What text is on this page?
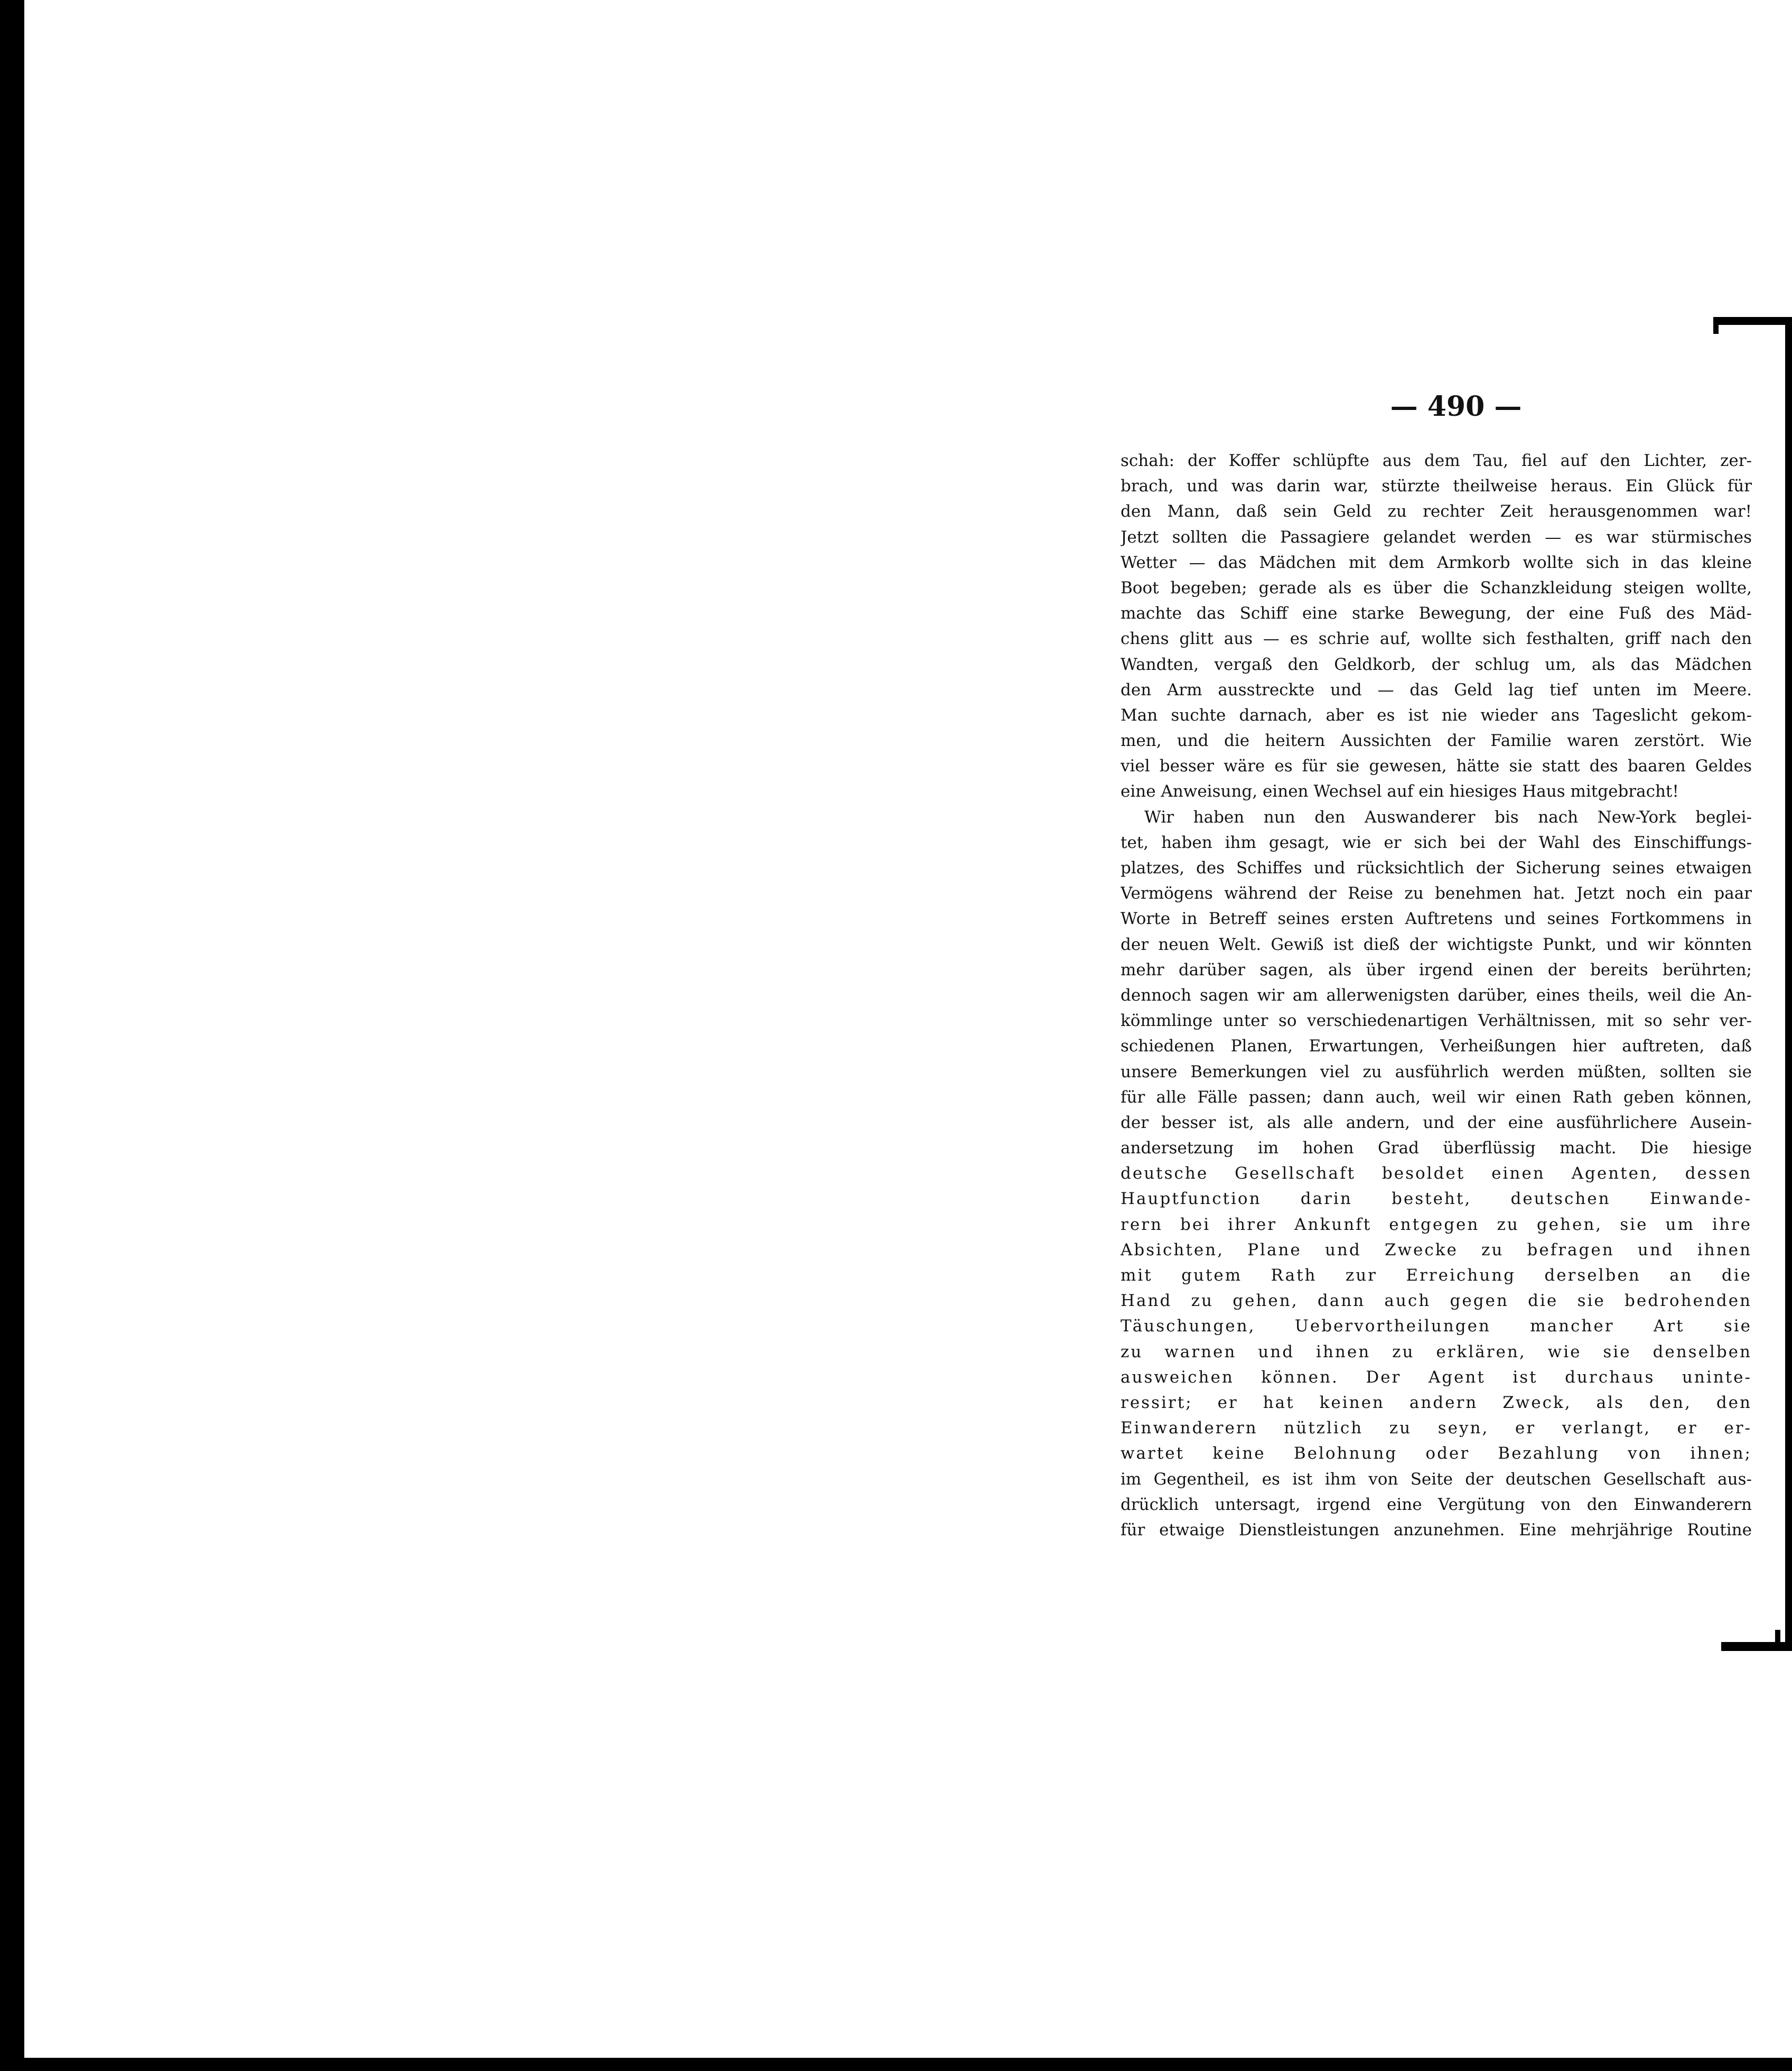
— 490 —
schah: der Koffer schlüpfte aus dem Tau, fiel auf den Lichter, zer-
brach, und was darin war, stürzte theilweise heraus. Ein Glück für
den Mann, daß sein Geld zu rechter Zeit herausgenommen war!
Jetzt sollten die Passagiere gelandet werden — es war stürmisches
Wetter — das Mädchen mit dem Armkorb wollte sich in das kleine
Boot begeben; gerade als es über die Schanzkleidung steigen wollte,
machte das Schiff eine starke Bewegung, der eine Fuß des Mäd-
chens glitt aus — es schrie auf, wollte sich festhalten, griff nach den
Wandten, vergaß den Geldkorb, der schlug um, als das Mädchen
den Arm ausstreckte und — das Geld lag tief unten im Meere.
Man suchte darnach, aber es ist nie wieder ans Tageslicht gekom-
men, und die heitern Aussichten der Familie waren zerstört. Wie
viel besser wäre es für sie gewesen, hätte sie statt des baaren Geldes
eine Anweisung, einen Wechsel auf ein hiesiges Haus mitgebracht!
Wir haben nun den Auswanderer bis nach New-York beglei-
tet, haben ihm gesagt, wie er sich bei der Wahl des Einschiffungs-
platzes, des Schiffes und rücksichtlich der Sicherung seines etwaigen
Vermögens während der Reise zu benehmen hat. Jetzt noch ein paar
Worte in Betreff seines ersten Auftretens und seines Fortkommens in
der neuen Welt. Gewiß ist dieß der wichtigste Punkt, und wir könnten
mehr darüber sagen, als über irgend einen der bereits berührten;
dennoch sagen wir am allerwenigsten darüber, eines theils, weil die An-
kömmlinge unter so verschiedenartigen Verhältnissen, mit so sehr ver-
schiedenen Planen, Erwartungen, Verheißungen hier auftreten, daß
unsere Bemerkungen viel zu ausführlich werden müßten, sollten sie
für alle Fälle passen; dann auch, weil wir einen Rath geben können,
der besser ist, als alle andern, und der eine ausführlichere Ausein-
andersetzung im hohen Grad überflüssig macht. Die hiesige
deutsche Gesellschaft besoldet einen Agenten, dessen
Hauptfunction darin besteht, deutschen Einwande-
rern bei ihrer Ankunft entgegen zu gehen, sie um ihre
Absichten, Plane und Zwecke zu befragen und ihnen
mit gutem Rath zur Erreichung derselben an die
Hand zu gehen, dann auch gegen die sie bedrohenden
Täuschungen, Uebervortheilungen mancher Art sie
zu warnen und ihnen zu erklären, wie sie denselben
ausweichen können. Der Agent ist durchaus uninte-
ressirt; er hat keinen andern Zweck, als den, den
Einwanderern nützlich zu seyn, er verlangt, er er-
wartet keine Belohnung oder Bezahlung von ihnen;
im Gegentheil, es ist ihm von Seite der deutschen Gesellschaft aus-
drücklich untersagt, irgend eine Vergütung von den Einwanderern
für etwaige Dienstleistungen anzunehmen. Eine mehrjährige Routine
